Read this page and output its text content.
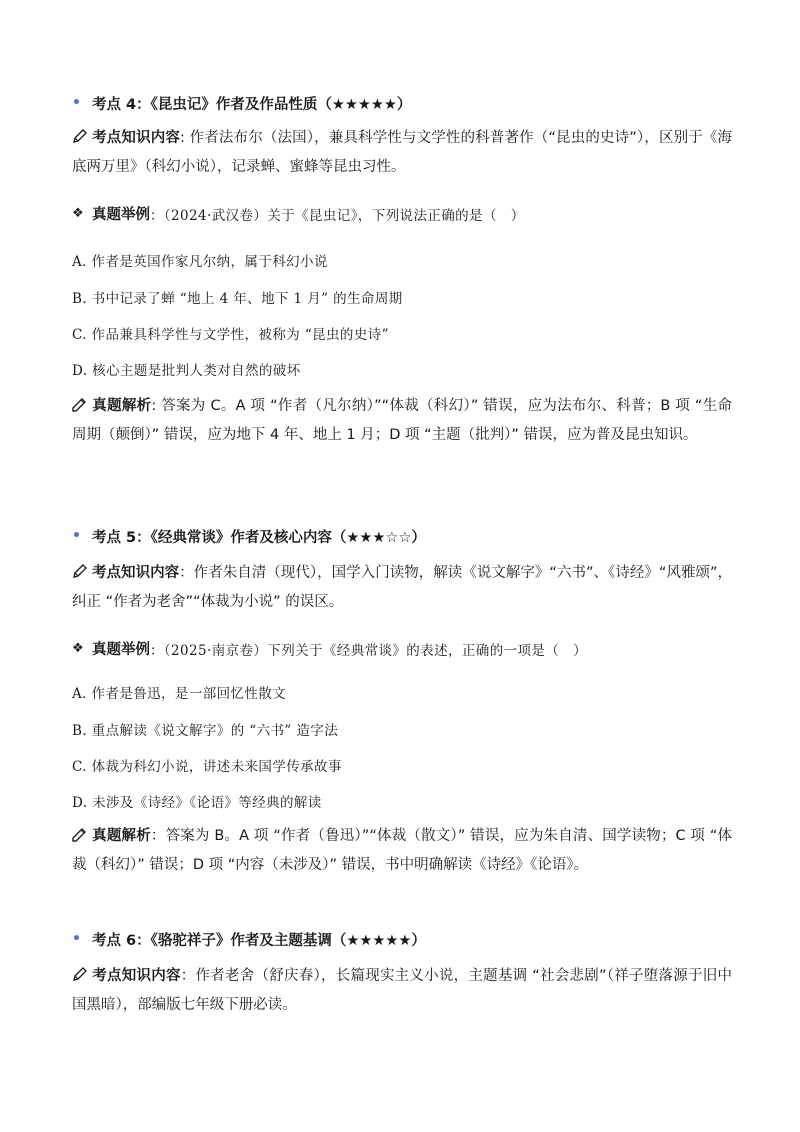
• 考点 4：《昆虫记》作者及作品性质（★★★★★）

考点知识内容: 作者法布尔（法国），兼具科学性与文学性的科普著作（“昆虫的史诗”），区别于《海底两万里》（科幻小说），记录蝉、蜜蜂等昆虫习性。

❖ 真题举例 ：（2024·武汉卷）关于《昆虫记》，下列说法正确的是（　）
A. 作者是英国作家凡尔纳，属于科幻小说
B. 书中记录了蝉 “地上 4 年、地下 1 月” 的生命周期
C. 作品兼具科学性与文学性，被称为 “昆虫的史诗”
D. 核心主题是批判人类对自然的破坏

真题解析: 答案为 C。A 项 “作者（凡尔纳）”“体裁（科幻）” 错误，应为法布尔、科普；B 项 “生命周期（颠倒）” 错误，应为地下 4 年、地上 1 月；D 项 “主题（批判）” 错误，应为普及昆虫知识。

• 考点 5：《经典常谈》作者及核心内容（★★★☆☆）

考点知识内容：作者朱自清（现代），国学入门读物，解读《说文解字》“六书”、《诗经》“风雅颂”，纠正 “作者为老舍”“体裁为小说” 的误区。

❖ 真题举例 ：（2025·南京卷）下列关于《经典常谈》的表述，正确的一项是（　）
A. 作者是鲁迅，是一部回忆性散文
B. 重点解读《说文解字》的 “六书” 造字法
C. 体裁为科幻小说，讲述未来国学传承故事
D. 未涉及《诗经》《论语》等经典的解读

真题解析：答案为 B。A 项 “作者（鲁迅）”“体裁（散文）” 错误，应为朱自清、国学读物；C 项 “体裁（科幻）” 错误；D 项 “内容（未涉及）” 错误，书中明确解读《诗经》《论语》。

• 考点 6：《骆驼祥子》作者及主题基调（★★★★★）

考点知识内容：作者老舍（舒庆春），长篇现实主义小说，主题基调 “社会悲剧”（祥子堕落源于旧中国黑暗），部编版七年级下册必读。
